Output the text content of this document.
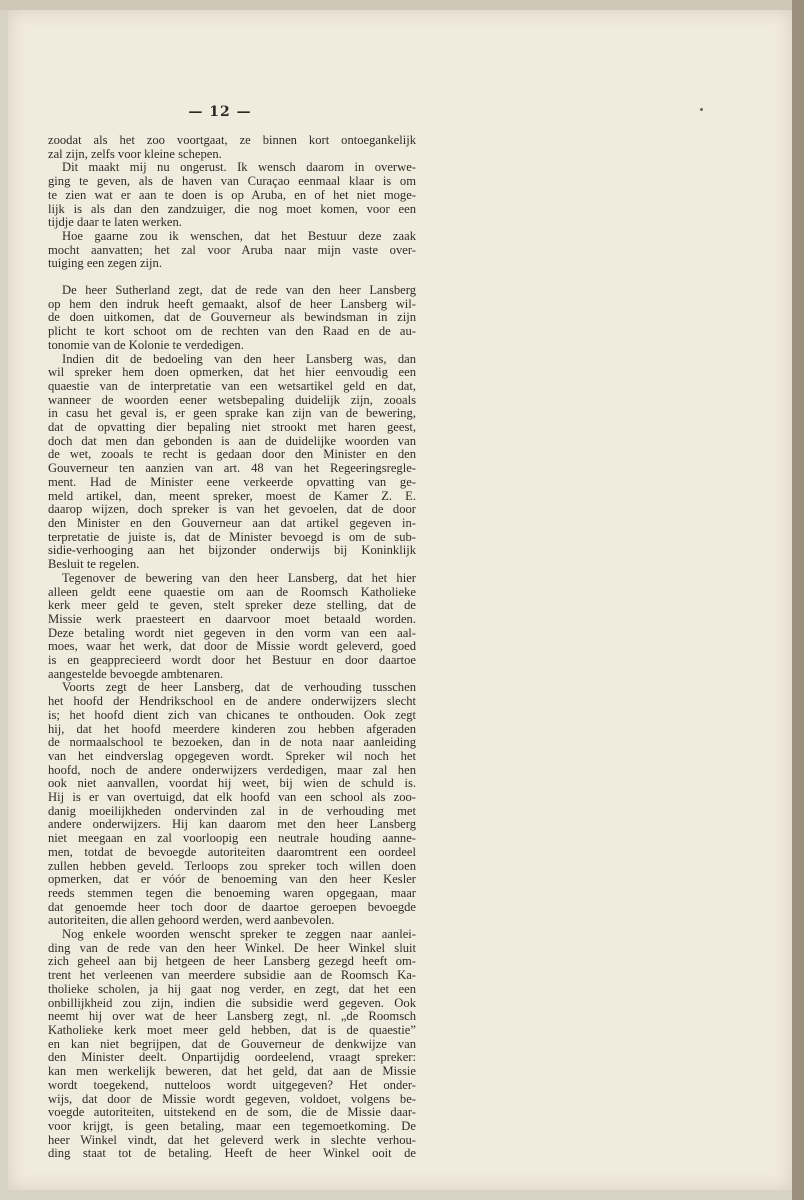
— 12 —
zoodat als het zoo voortgaat, ze binnen kort ontoegankelijk
zal zijn, zelfs voor kleine schepen.
Dit maakt mij nu ongerust. Ik wensch daarom in overwe-
ging te geven, als de haven van Curaçao eenmaal klaar is om
te zien wat er aan te doen is op Aruba, en of het niet moge-
lijk is als dan den zandzuiger, die nog moet komen, voor een
tijdje daar te laten werken.
Hoe gaarne zou ik wenschen, dat het Bestuur deze zaak
mocht aanvatten; het zal voor Aruba naar mijn vaste over-
tuiging een zegen zijn.
De heer Sutherland zegt, dat de rede van den heer Lansberg
op hem den indruk heeft gemaakt, alsof de heer Lansberg wil-
de doen uitkomen, dat de Gouverneur als bewindsman in zijn
plicht te kort schoot om de rechten van den Raad en de au-
tonomie van de Kolonie te verdedigen.
Indien dit de bedoeling van den heer Lansberg was, dan
wil spreker hem doen opmerken, dat het hier eenvoudig een
quaestie van de interpretatie van een wetsartikel geld en dat,
wanneer de woorden eener wetsbepaling duidelijk zijn, zooals
in casu het geval is, er geen sprake kan zijn van de bewering,
dat de opvatting dier bepaling niet strookt met haren geest,
doch dat men dan gebonden is aan de duidelijke woorden van
de wet, zooals te recht is gedaan door den Minister en den
Gouverneur ten aanzien van art. 48 van het Regeeringsregle-
ment. Had de Minister eene verkeerde opvatting van ge-
meld artikel, dan, meent spreker, moest de Kamer Z. E.
daarop wijzen, doch spreker is van het gevoelen, dat de door
den Minister en den Gouverneur aan dat artikel gegeven in-
terpretatie de juiste is, dat de Minister bevoegd is om de sub-
sidie-verhooging aan het bijzonder onderwijs bij Koninklijk
Besluit te regelen.
Tegenover de bewering van den heer Lansberg, dat het hier
alleen geldt eene quaestie om aan de Roomsch Katholieke
kerk meer geld te geven, stelt spreker deze stelling, dat de
Missie werk praesteert en daarvoor moet betaald worden.
Deze betaling wordt niet gegeven in den vorm van een aal-
moes, waar het werk, dat door de Missie wordt geleverd, goed
is en geapprecieerd wordt door het Bestuur en door daartoe
aangestelde bevoegde ambtenaren.
Voorts zegt de heer Lansberg, dat de verhouding tusschen
het hoofd der Hendrikschool en de andere onderwijzers slecht
is; het hoofd dient zich van chicanes te onthouden. Ook zegt
hij, dat het hoofd meerdere kinderen zou hebben afgeraden
de normaalschool te bezoeken, dan in de nota naar aanleiding
van het eindverslag opgegeven wordt. Spreker wil noch het
hoofd, noch de andere onderwijzers verdedigen, maar zal hen
ook niet aanvallen, voordat hij weet, bij wien de schuld is.
Hij is er van overtuigd, dat elk hoofd van een school als zoo-
danig moeilijkheden ondervinden zal in de verhouding met
andere onderwijzers. Hij kan daarom met den heer Lansberg
niet meegaan en zal voorloopig een neutrale houding aanne-
men, totdat de bevoegde autoriteiten daaromtrent een oordeel
zullen hebben geveld. Terloops zou spreker toch willen doen
opmerken, dat er vóór de benoeming van den heer Kesler
reeds stemmen tegen die benoeming waren opgegaan, maar
dat genoemde heer toch door de daartoe geroepen bevoegde
autoriteiten, die allen gehoord werden, werd aanbevolen.
Nog enkele woorden wenscht spreker te zeggen naar aanlei-
ding van de rede van den heer Winkel. De heer Winkel sluit
zich geheel aan bij hetgeen de heer Lansberg gezegd heeft om-
trent het verleenen van meerdere subsidie aan de Roomsch Ka-
tholieke scholen, ja hij gaat nog verder, en zegt, dat het een
onbillijkheid zou zijn, indien die subsidie werd gegeven. Ook
neemt hij over wat de heer Lansberg zegt, nl. „de Roomsch
Katholieke kerk moet meer geld hebben, dat is de quaestie”
en kan niet begrijpen, dat de Gouverneur de denkwijze van
den Minister deelt. Onpartijdig oordeelend, vraagt spreker:
kan men werkelijk beweren, dat het geld, dat aan de Missie
wordt toegekend, nutteloos wordt uitgegeven? Het onder-
wijs, dat door de Missie wordt gegeven, voldoet, volgens be-
voegde autoriteiten, uitstekend en de som, die de Missie daar-
voor krijgt, is geen betaling, maar een tegemoetkoming. De
heer Winkel vindt, dat het geleverd werk in slechte verhou-
ding staat tot de betaling. Heeft de heer Winkel ooit de
